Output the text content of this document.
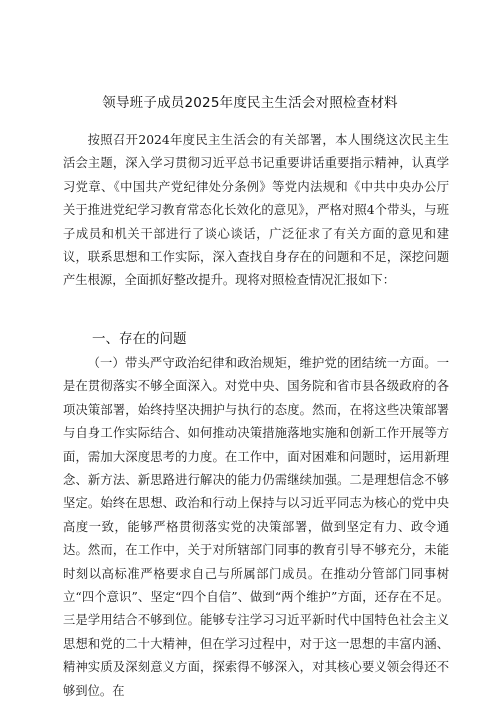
领导班子成员2025年度民主生活会对照检查材料

按照召开2024年度民主生活会的有关部署，本人围绕这次民主生活会主题，深入学习贯彻习近平总书记重要讲话重要指示精神，认真学习党章、《中国共产党纪律处分条例》等党内法规和《中共中央办公厅关于推进党纪学习教育常态化长效化的意见》，严格对照4个带头，与班子成员和机关干部进行了谈心谈话，广泛征求了有关方面的意见和建议，联系思想和工作实际，深入查找自身存在的问题和不足，深挖问题产生根源，全面抓好整改提升。现将对照检查情况汇报如下：

一、存在的问题

（一）带头严守政治纪律和政治规矩，维护党的团结统一方面。一是在贯彻落实不够全面深入。对党中央、国务院和省市县各级政府的各项决策部署，始终持坚决拥护与执行的态度。然而，在将这些决策部署与自身工作实际结合、如何推动决策措施落地实施和创新工作开展等方面，需加大深度思考的力度。在工作中，面对困难和问题时，运用新理念、新方法、新思路进行解决的能力仍需继续加强。二是理想信念不够坚定。始终在思想、政治和行动上保持与以习近平同志为核心的党中央高度一致，能够严格贯彻落实党的决策部署，做到坚定有力、政令通达。然而，在工作中，关于对所辖部门同事的教育引导不够充分，未能时刻以高标准严格要求自己与所属部门成员。在推动分管部门同事树立“四个意识”、坚定“四个自信”、做到“两个维护”方面，还存在不足。三是学用结合不够到位。能够专注学习习近平新时代中国特色社会主义思想和党的二十大精神，但在学习过程中，对于这一思想的丰富内涵、精神实质及深刻意义方面，探索得不够深入，对其核心要义领会得还不够到位。在
